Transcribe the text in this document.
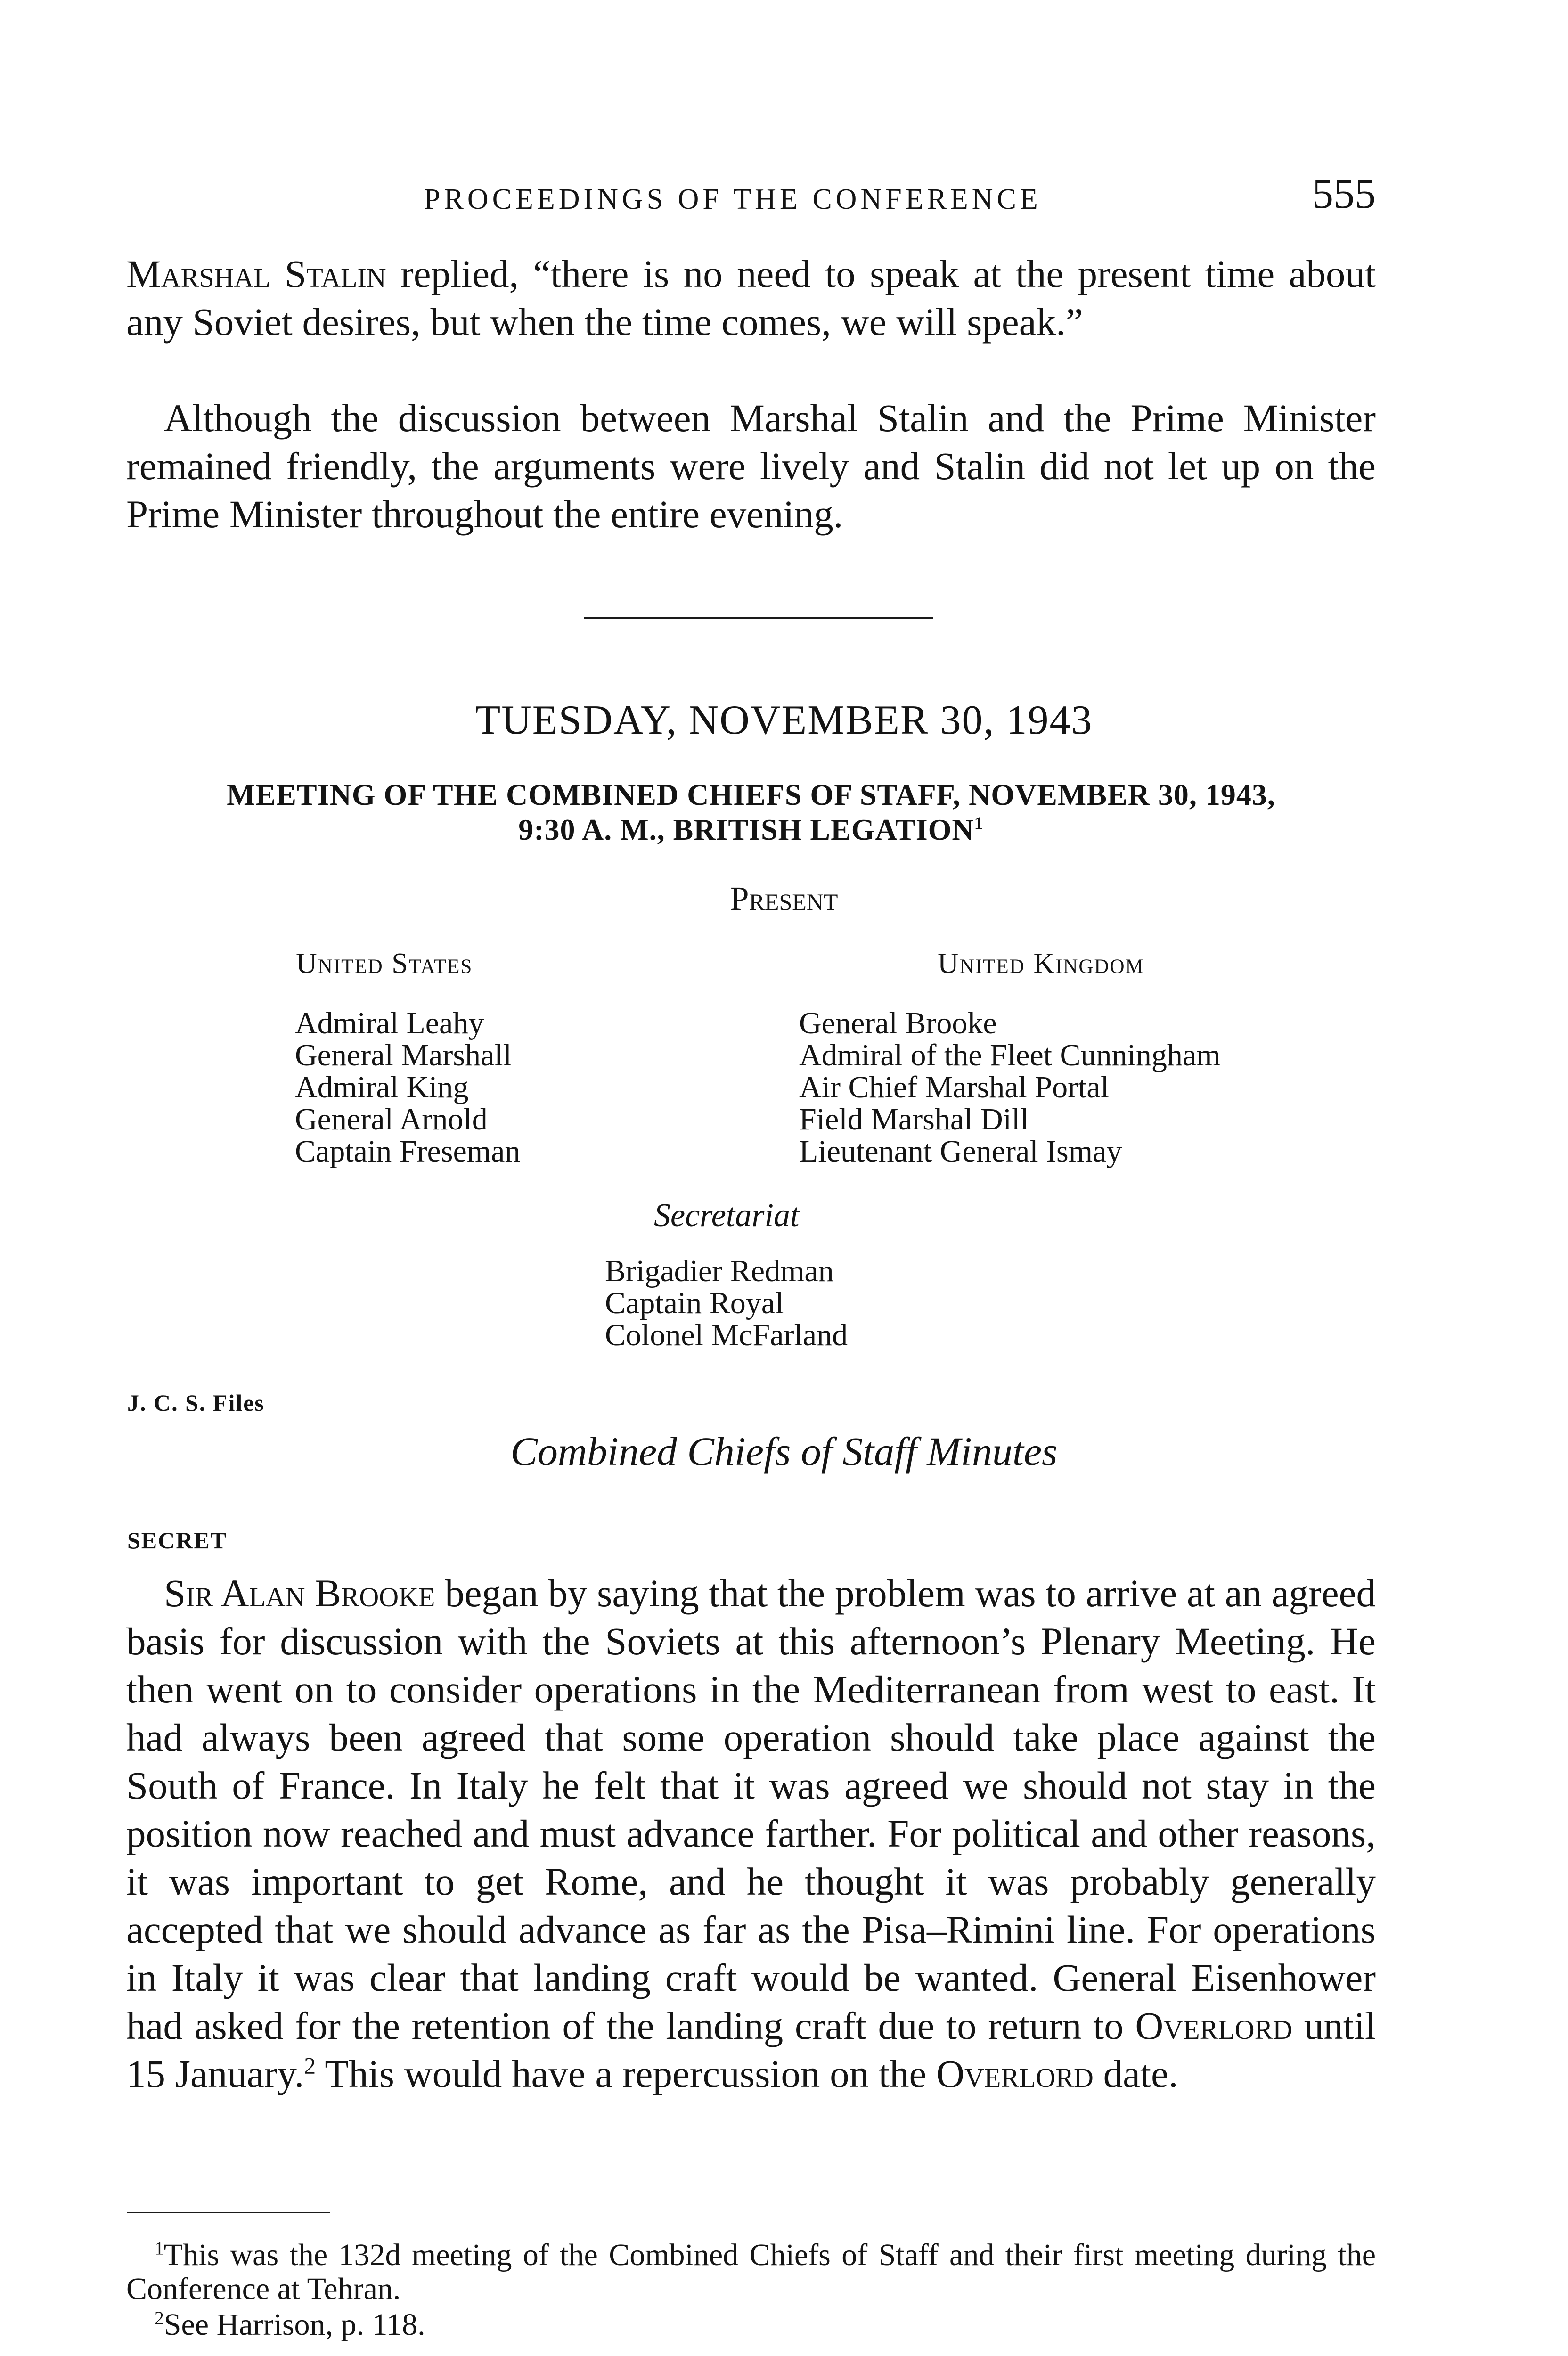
PROCEEDINGS OF THE CONFERENCE	555

Marshal Stalin replied, “there is no need to speak at the present time about any Soviet desires, but when the time comes, we will speak.”

Although the discussion between Marshal Stalin and the Prime Minister remained friendly, the arguments were lively and Stalin did not let up on the Prime Minister throughout the entire evening.

TUESDAY, NOVEMBER 30, 1943
MEETING OF THE COMBINED CHIEFS OF STAFF, NOVEMBER 30, 1943,
9:30 A. M., BRITISH LEGATION$^1$
Present
United States	United Kingdom
Admiral Leahy
General Marshall
Admiral King
General Arnold
Captain Freseman
General Brooke
Admiral of the Fleet Cunningham
Air Chief Marshal Portal
Field Marshal Dill
Lieutenant General Ismay
Secretariat
Brigadier Redman
Captain Royal
Colonel McFarland
J. C. S. Files
Combined Chiefs of Staff Minutes
SECRET

Sir Alan Brooke began by saying that the problem was to arrive at an agreed basis for discussion with the Soviets at this afternoon’s Plenary Meeting. He then went on to consider operations in the Mediterranean from west to east. It had always been agreed that some operation should take place against the South of France. In Italy he felt that it was agreed we should not stay in the position now reached and must advance farther. For political and other reasons, it was important to get Rome, and he thought it was probably generally accepted that we should advance as far as the Pisa–Rimini line. For operations in Italy it was clear that landing craft would be wanted. General Eisenhower had asked for the retention of the landing craft due to return to Overlord until 15 January.$^2$ This would have a repercussion on the Overlord date.

$^1$This was the 132d meeting of the Combined Chiefs of Staff and their first meeting during the Conference at Tehran.

$^2$See Harrison, p. 118.
